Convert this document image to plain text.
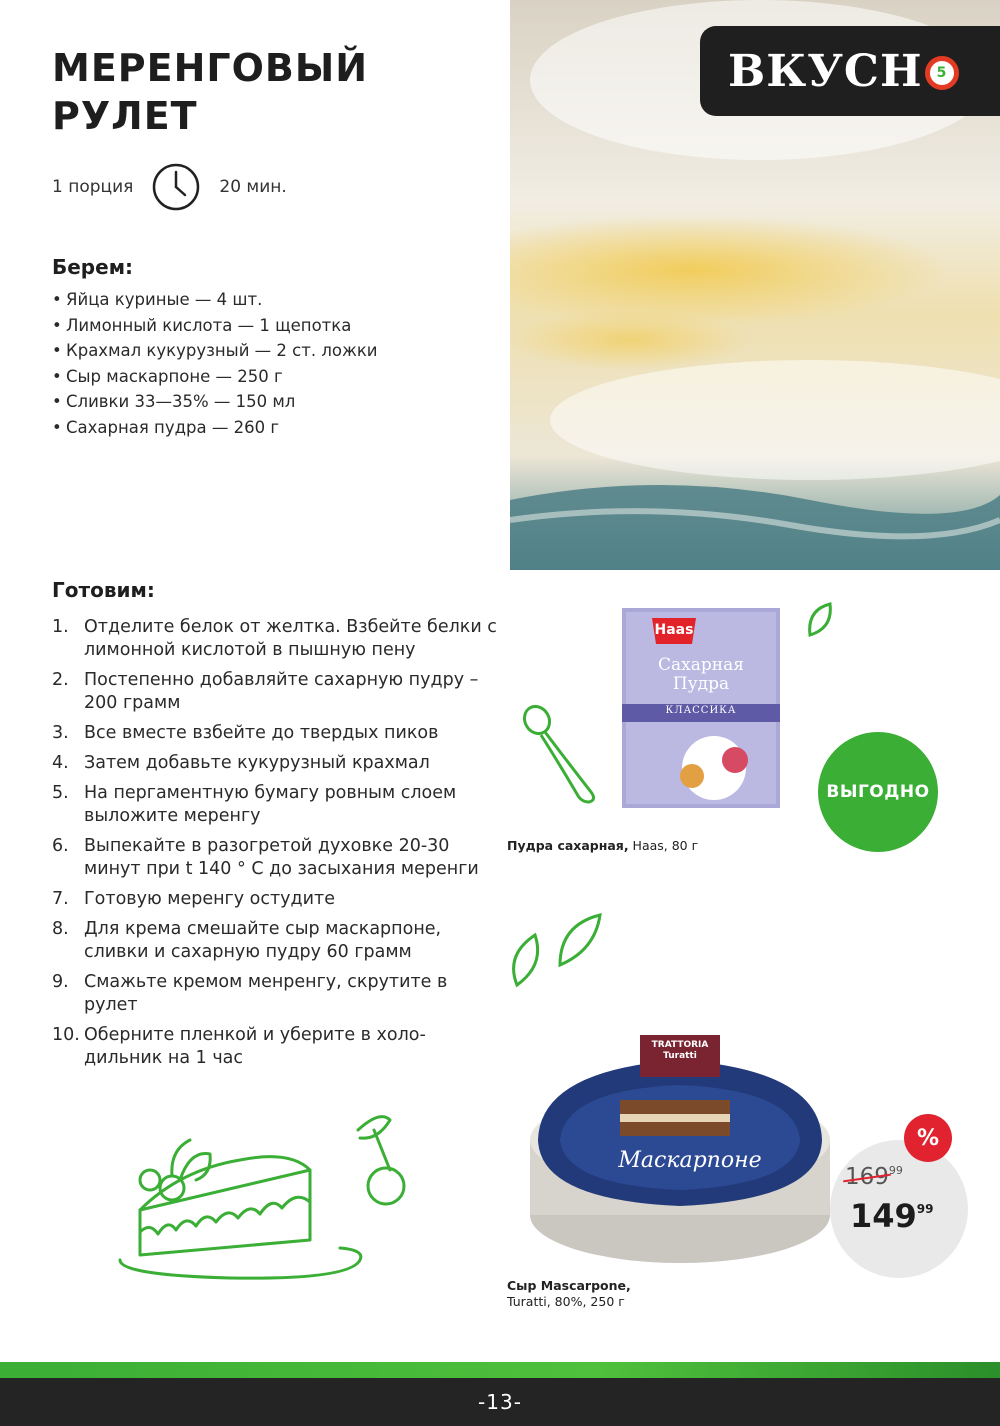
МЕРЕНГОВЫЙ
РУЛЕТ
1 порция	20 мин.
Берем:
• Яйца куриные — 4 шт.
• Лимонный кислота — 1 щепотка
• Крахмал кукурузный — 2 ст. ложки
• Сыр маскарпоне — 250 г
• Сливки 33—35% — 150 мл
• Сахарная пудра — 260 г
Готовим:
1. Отделите белок от желтка. Взбейте белки с лимонной кислотой в пышную пену
2. Постепенно добавляйте сахарную пудру – 200 грамм
3. Все вместе взбейте до твердых пиков
4. Затем добавьте кукурузный крахмал
5. На пергаментную бумагу ровным слоем выложите меренгу
6. Выпекайте в разогретой духовке 20-30 минут при t 140 ° C до засыхания меренги
7. Готовую меренгу остудите
8. Для крема смешайте сыр маскарпоне, сливки и сахарную пудру 60 грамм
9. Смажьте кремом менренгу, скрутите в рулет
10. Оберните пленкой и уберите в холо-дильник на 1 час
ВКУСН 5
Haas
Сахарная
Пудра
КЛАССИКА
ВЫГОДНО
Пудра сахарная, Haas, 80 г
TRATTORIA
Turatti
Маскарпоне
%
169 99
149 99
Сыр Mascarpone,
Turatti, 80%, 250 г
-13-
